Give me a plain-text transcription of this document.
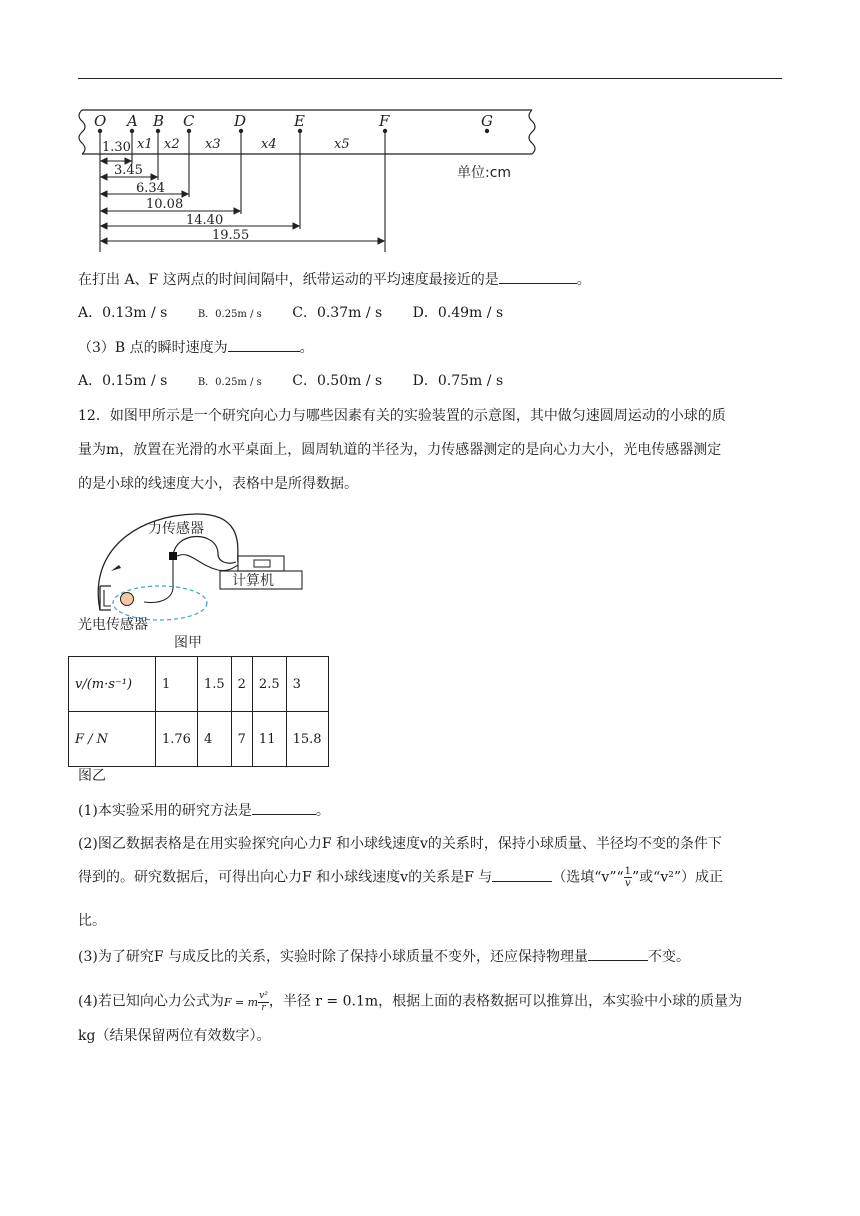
O A B C	D	E	F	G
x1 x2 x3	x4	x5
1.30
3.45
6.34
10.08
14.40
19.55
单位:cm
在打出 A、F 这两点的时间间隔中，纸带运动的平均速度最接近的是	。
A．0.13m / s	B．0.25m / s C．0.37m / s D．0.49m / s
（3）B 点的瞬时速度为	。
A．0.15m / s	B．0.25m / s C．0.50m / s D．0.75m / s
12．如图甲所示是一个研究向心力与哪些因素有关的实验装置的示意图，其中做匀速圆周运动的小球的质
量为m，放置在光滑的水平桌面上，圆周轨道的半径为，力传感器测定的是向心力大小，光电传感器测定
的是小球的线速度大小，表格中是所得数据。
计算机
力传感器
光电传感器
图甲
v/(m·s⁻¹)	1	1.5	2	2.5	3
F / N	1.76	4	7	11	15.8
图乙
(1)本实验采用的研究方法是	。
(2)图乙数据表格是在用实验探究向心力F 和小球线速度v的关系时，保持小球质量、半径均不变的条件下
得到的。研究数据后，可得出向心力F 和小球线速度v的关系是F 与	（选填“v”“ $\frac{1}{v}$ ”或“v²”）成正
比。
(3)为了研究F 与成反比的关系，实验时除了保持小球质量不变外，还应保持物理量	不变。
(4)若已知向心力公式为F = m $\frac{\text{v²}}{r}$ ，半径 r = 0.1m，根据上面的表格数据可以推算出，本实验中小球的质量为
kg（结果保留两位有效数字）。
